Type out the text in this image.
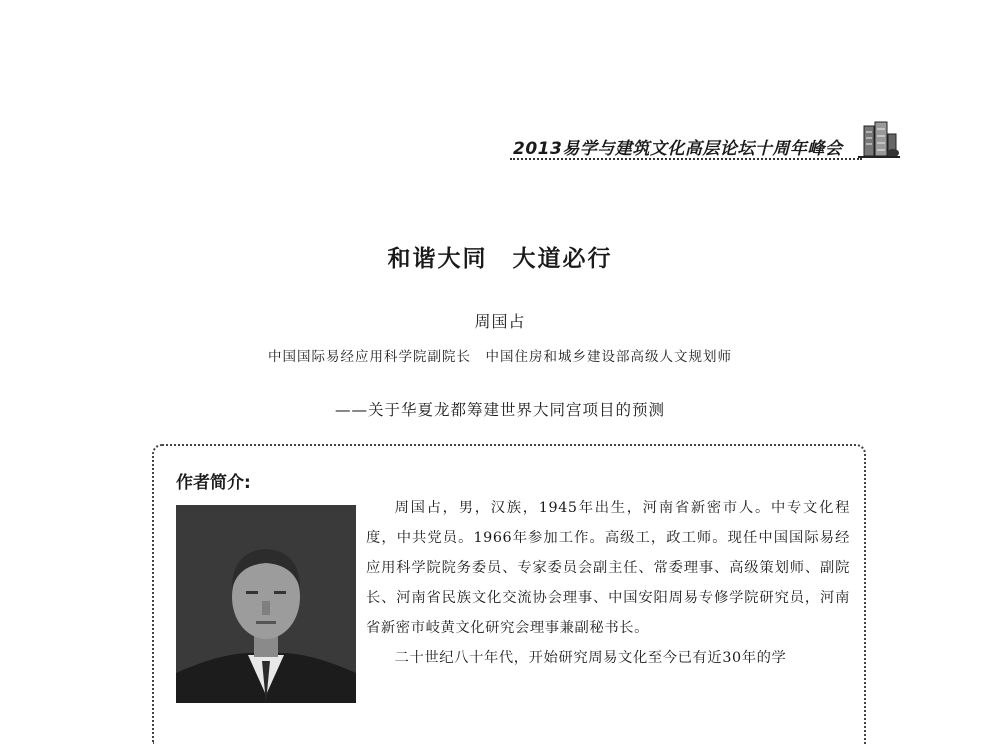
2013易学与建筑文化高层论坛十周年峰会
和谐大同　大道必行
周国占
中国国际易经应用科学院副院长　中国住房和城乡建设部高级人文规划师
——关于华夏龙都筹建世界大同宫项目的预测
作者简介:

周国占，男，汉族，1945年出生，河南省新密市人。中专文化程度，中共党员。1966年参加工作。高级工，政工师。现任中国国际易经应用科学院院务委员、专家委员会副主任、常委理事、高级策划师、副院长、河南省民族文化交流协会理事、中国安阳周易专修学院研究员，河南省新密市岐黄文化研究会理事兼副秘书长。

二十世纪八十年代，开始研究周易文化至今已有近30年的学
